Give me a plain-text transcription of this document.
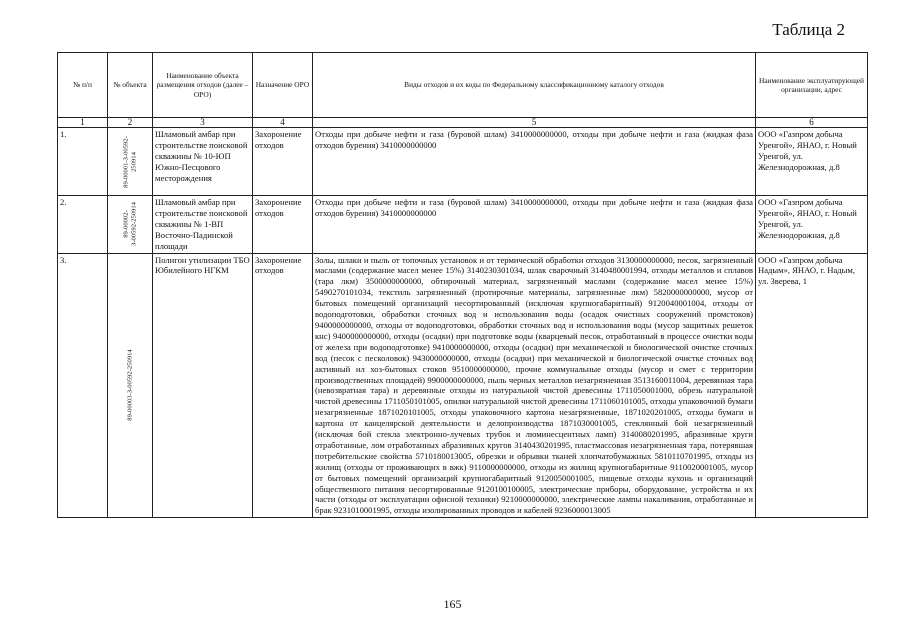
Таблица 2
№ п/п	№ объекта	Наименование объекта размещения отходов (далее – ОРО)	Назначение ОРО	Виды отходов и их коды по Федеральному классификационному каталогу отходов	Наименование эксплуатирующей организации, адрес
1	2	3	4	5	6
1.	89-00001-З-00592-250914	Шламовый амбар при строительстве поисковой скважины № 10-ЮП Южно-Песцового месторождения	Захоронение отходов	Отходы при добыче нефти и газа (буровой шлам) 3410000000000, отходы при добыче нефти и газа (жидкая фаза отходов бурения) 3410000000000	ООО «Газпром добыча Уренгой», ЯНАО, г. Новый Уренгой, ул. Железнодорожная, д.8
2.	89-00002-З-00592-250914	Шламовый амбар при строительстве поисковой скважины № 1-ВП Восточно-Падинской площади	Захоронение отходов	Отходы при добыче нефти и газа (буровой шлам) 3410000000000, отходы при добыче нефти и газа (жидкая фаза отходов бурения) 3410000000000	ООО «Газпром добыча Уренгой», ЯНАО, г. Новый Уренгой, ул. Железнодорожная, д.8
3.	89-00003-З-00592-250914	Полигон утилизации ТБО Юбилейного НГКМ	Захоронение отходов	Золы, шлаки и пыль от топочных установок и от термической обработки отходов 3130000000000, песок, загрязненный маслами (содержание масел менее 15%) 3140230301034, шлак сварочный 3140480001994, отходы металлов и сплавов (тара лкм) 3500000000000, обтирочный материал, загрязненный маслами (содержание масел менее 15%) 5490270101034, текстиль загрязненный (протирочные материалы, загрязненные лкм) 5820000000000, мусор от бытовых помещений организаций несортированный (исключая крупногабаритный) 9120040001004, отходы от водоподготовки, обработки сточных вод и использования воды (осадок очистных сооружений промстоков) 9400000000000, отходы от водоподготовки, обработки сточных вод и использования воды (мусор защитных решеток кнс) 9400000000000, отходы (осадки) при подготовке воды (кварцевый песок, отработанный в процессе очистки воды от железа при водоподготовке) 9410000000000, отходы (осадки) при механической и биологической очистке сточных вод (песок с песколовок) 9430000000000, отходы (осадки) при механической и биологической очистке сточных вод активный ил хоз-бытовых стоков 9510000000000, прочие коммунальные отходы (мусор и смет с территории производственных площадей) 9900000000000, пыль черных металлов незагрязненная 3513160011004, деревянная тара (невозвратная тара) и деревянные отходы из натуральной чистой древесины 1711050001000, обрезь натуральной чистой древесины 1711050101005, опилки натуральной чистой древесины 1711060101005, отходы упаковочной бумаги незагрязненные 1871020101005, отходы упаковочного картона незагрязненные, 1871020201005, отходы бумаги и картона от канцелярской деятельности и делопроизводства 1871030001005, стеклянный бой незагрязненный (исключая бой стекла электронно-лучевых трубок и люминесцентных ламп) 3140080201995, абразивные круги отработанные, лом отработанных абразивных кругов 3140430201995, пластмассовая незагрязненная тара, потерявшая потребительские свойства 5710180013005, обрезки и обрывки тканей хлопчатобумажных 5810110701995, отходы из жилищ (отходы от проживающих в вжк) 9110000000000, отходы из жилищ крупногабаритные 9110020001005, мусор от бытовых помещений организаций крупногабаритный 9120050001005, пищевые отходы кухонь и организаций общественного питания несортированные 9120100100005, электрические приборы, оборудование, устройства и их части (отходы от эксплуатации офисной техники) 9210000000000, электрические лампы накаливания, отработанные и брак 9231010001995, отходы изолированных проводов и кабелей 9236000013005	ООО «Газпром добыча Надым», ЯНАО, г. Надым, ул. Зверева, 1
165
